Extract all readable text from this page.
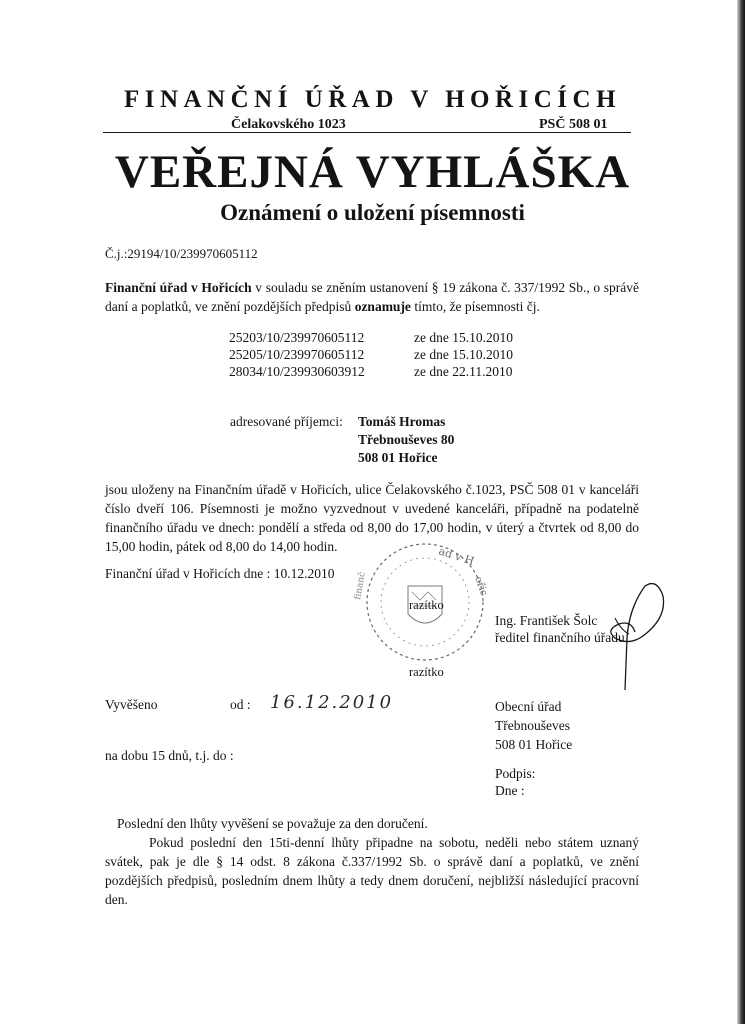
FINANČNÍ ÚŘAD V HOŘICÍCH
Čelakovského 1023	PSČ 508 01
VEŘEJNÁ VYHLÁŠKA
Oznámení o uložení písemnosti
Č.j.:29194/10/239970605112
Finanční úřad v Hořicích v souladu se zněním ustanovení § 19 zákona č. 337/1992 Sb., o správě daní a poplatků, ve znění pozdějších předpisů oznamuje tímto, že písemnosti čj.
25203/10/239970605112	ze dne 15.10.2010
25205/10/239970605112	ze dne 15.10.2010
28034/10/239930603912	ze dne 22.11.2010
adresované příjemci: Tomáš Hromas
Třebnouševes 80
508 01 Hořice
jsou uloženy na Finančním úřadě v Hořicích, ulice Čelakovského č.1023, PSČ 508 01 v kanceláři číslo dveří 106. Písemnosti je možno vyzvednout v uvedené kanceláři, případně na podatelně finančního úřadu ve dnech: pondělí a středa od 8,00 do 17,00 hodin, v úterý a čtvrtek od 8,00 do 15,00 hodin, pátek od 8,00 do 14,00 hodin.
Finanční úřad v Hořicích dne : 10.12.2010
ad v H
ořic
finanč
razítko
razítko
Ing. František Šolc
ředitel finančního úřadu
Vyvěšeno	od : 16.12.2010	Obecní úřad
Třebnouševes
508 01 Hořice
na dobu 15 dnů, t.j. do :
Podpis:
Dne :

Poslední den lhůty vyvěšení se považuje za den doručení.

Pokud poslední den 15ti-denní lhůty připadne na sobotu, neděli nebo státem uznaný svátek, pak je dle § 14 odst. 8 zákona č.337/1992 Sb. o správě daní a poplatků, ve znění pozdějších předpisů, posledním dnem lhůty a tedy dnem doručení, nejbližší následující pracovní den.
